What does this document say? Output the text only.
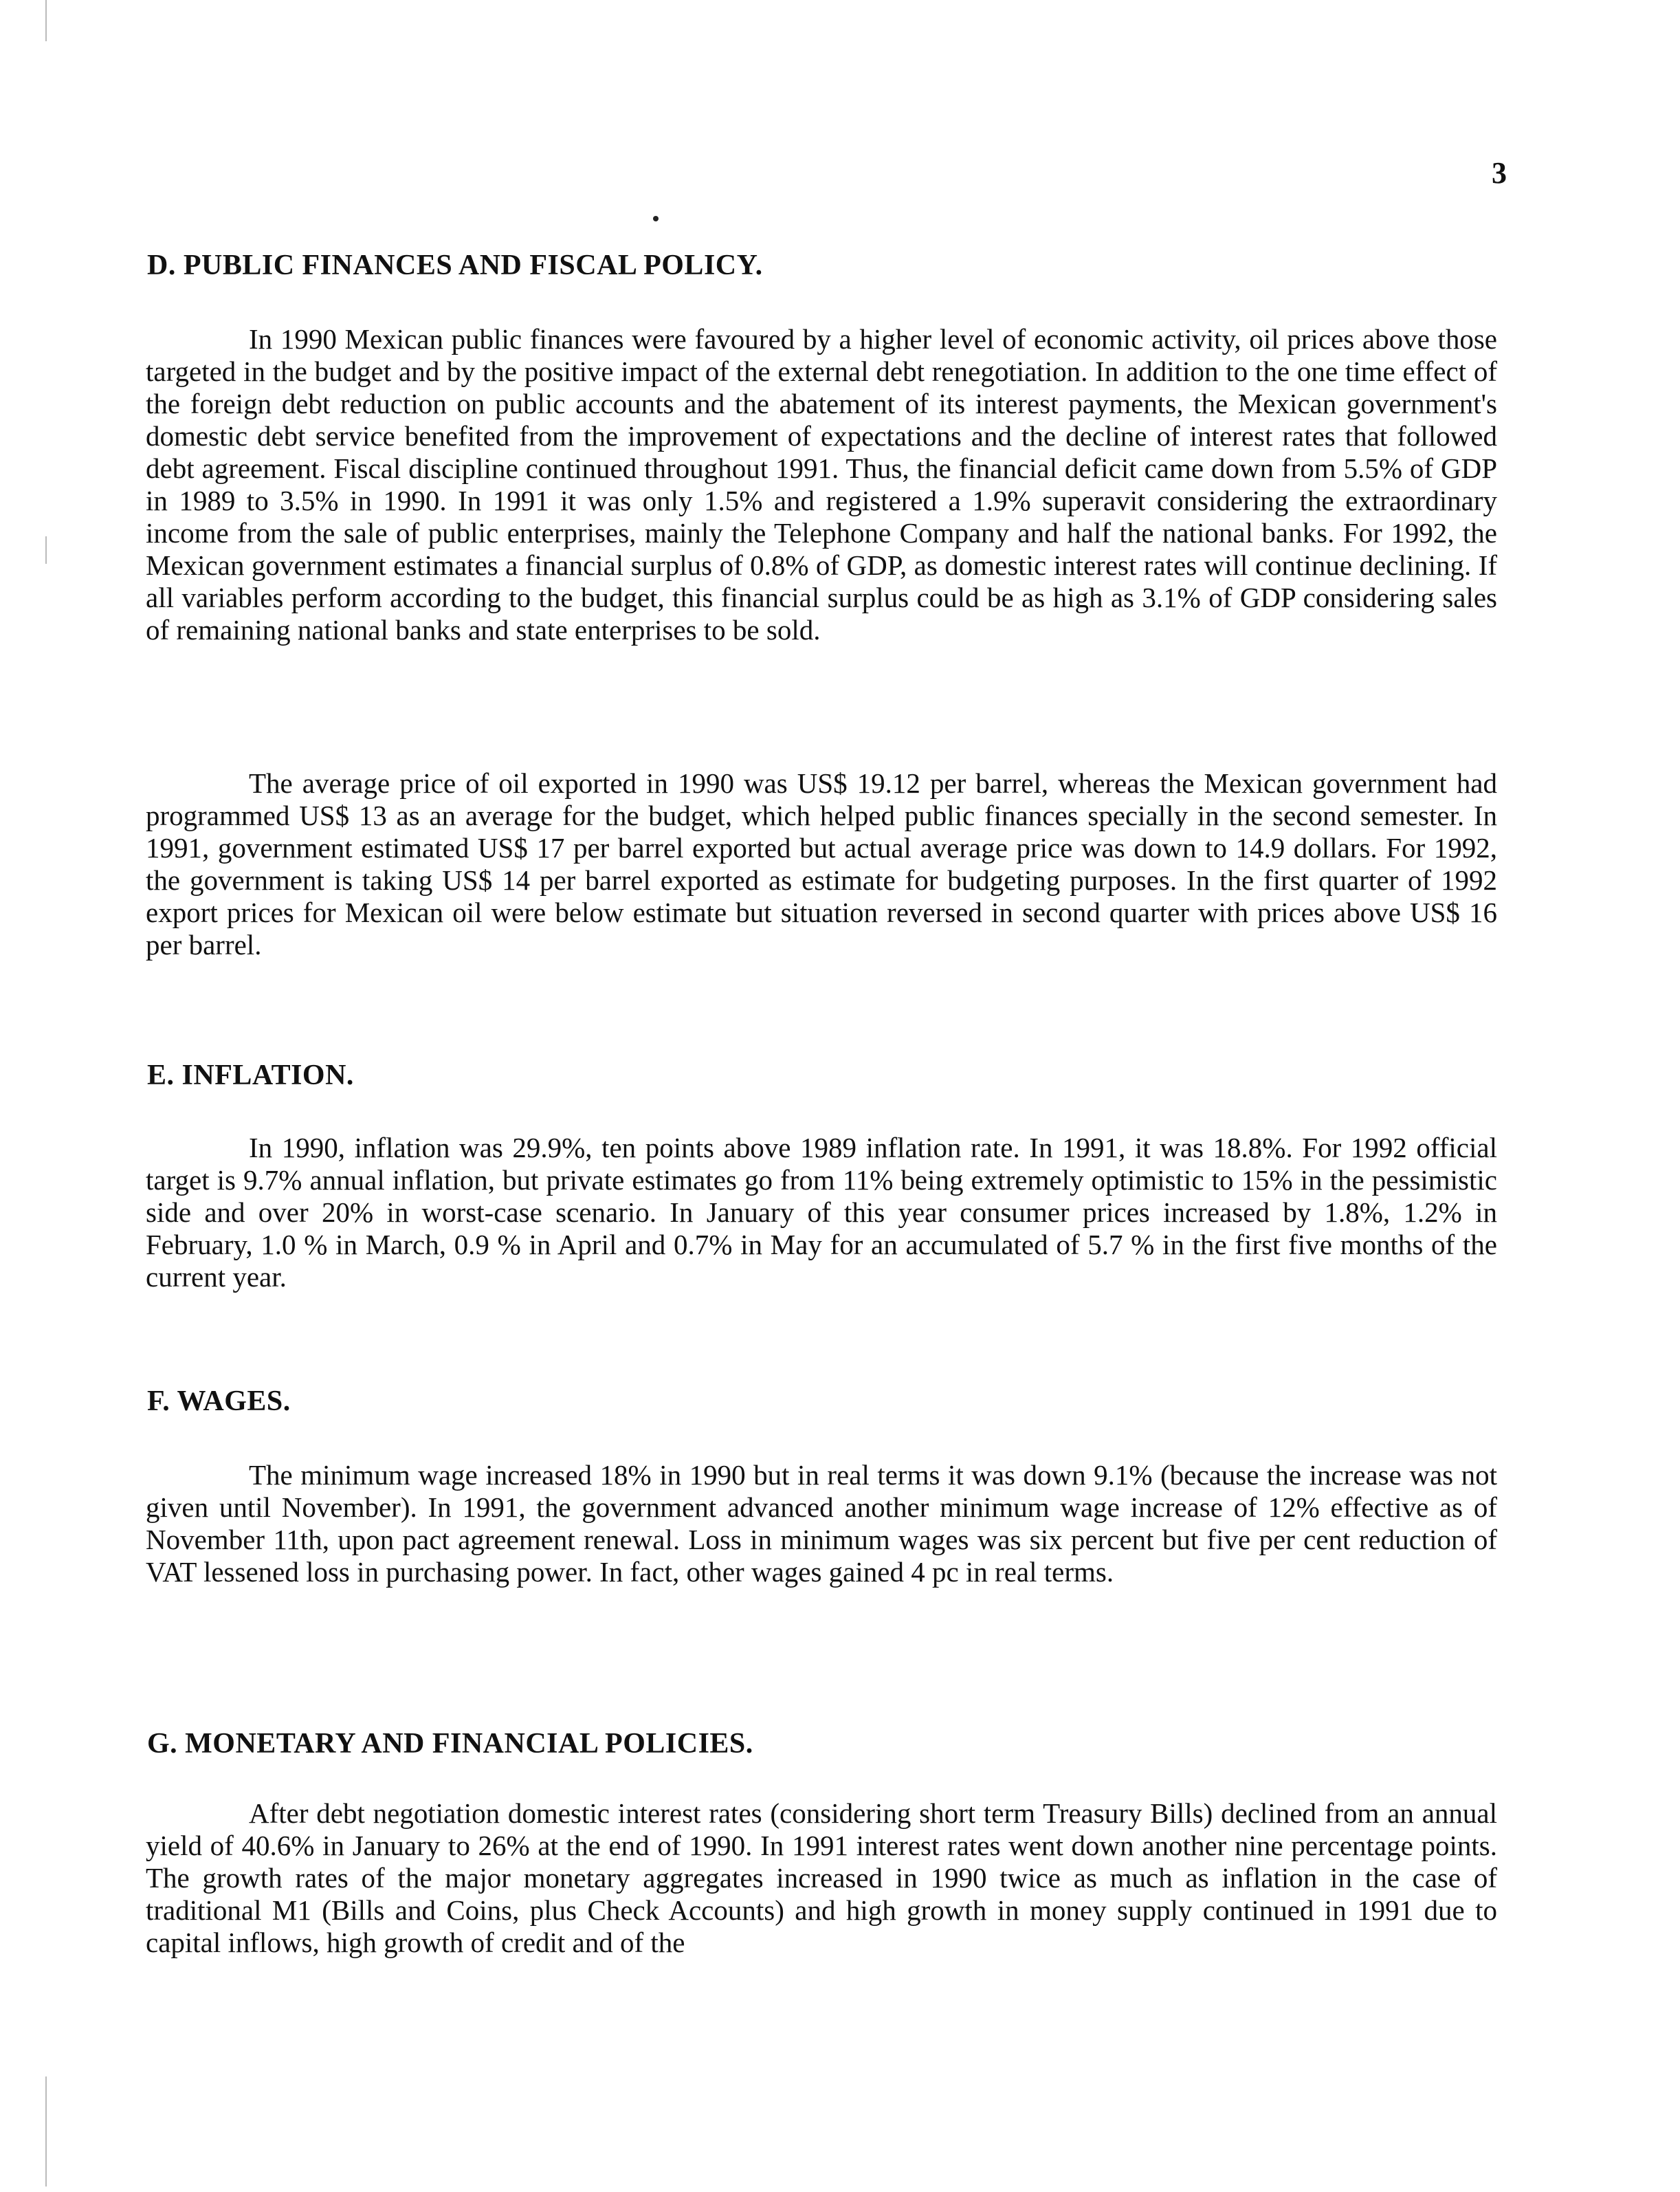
3
D. PUBLIC FINANCES AND FISCAL POLICY.

In 1990 Mexican public finances were favoured by a higher level of economic activity, oil prices above those targeted in the budget and by the positive impact of the external debt renegotiation. In addition to the one time effect of the foreign debt reduction on public accounts and the abatement of its interest payments, the Mexican government's domestic debt service benefited from the improvement of expectations and the decline of interest rates that followed debt agreement. Fiscal discipline continued throughout 1991. Thus, the financial deficit came down from 5.5% of GDP in 1989 to 3.5% in 1990. In 1991 it was only 1.5% and registered a 1.9% superavit considering the extraordinary income from the sale of public enterprises, mainly the Telephone Company and half the national banks. For 1992, the Mexican government estimates a financial surplus of 0.8% of GDP, as domestic interest rates will continue declining. If all variables perform according to the budget, this financial surplus could be as high as 3.1% of GDP considering sales of remaining national banks and state enterprises to be sold.

The average price of oil exported in 1990 was US$ 19.12 per barrel, whereas the Mexican government had programmed US$ 13 as an average for the budget, which helped public finances specially in the second semester. In 1991, government estimated US$ 17 per barrel exported but actual average price was down to 14.9 dollars. For 1992, the government is taking US$ 14 per barrel exported as estimate for budgeting purposes. In the first quarter of 1992 export prices for Mexican oil were below estimate but situation reversed in second quarter with prices above US$ 16 per barrel.

E. INFLATION.

In 1990, inflation was 29.9%, ten points above 1989 inflation rate. In 1991, it was 18.8%. For 1992 official target is 9.7% annual inflation, but private estimates go from 11% being extremely optimistic to 15% in the pessimistic side and over 20% in worst-case scenario. In January of this year consumer prices increased by 1.8%, 1.2% in February, 1.0 % in March, 0.9 % in April and 0.7% in May for an accumulated of 5.7 % in the first five months of the current year.

F. WAGES.

The minimum wage increased 18% in 1990 but in real terms it was down 9.1% (because the increase was not given until November). In 1991, the government advanced another minimum wage increase of 12% effective as of November 11th, upon pact agreement renewal. Loss in minimum wages was six percent but five per cent reduction of VAT lessened loss in purchasing power. In fact, other wages gained 4 pc in real terms.

G. MONETARY AND FINANCIAL POLICIES.

After debt negotiation domestic interest rates (considering short term Treasury Bills) declined from an annual yield of 40.6% in January to 26% at the end of 1990. In 1991 interest rates went down another nine percentage points. The growth rates of the major monetary aggregates increased in 1990 twice as much as inflation in the case of traditional M1 (Bills and Coins, plus Check Accounts) and high growth in money supply continued in 1991 due to capital inflows, high growth of credit and of the
